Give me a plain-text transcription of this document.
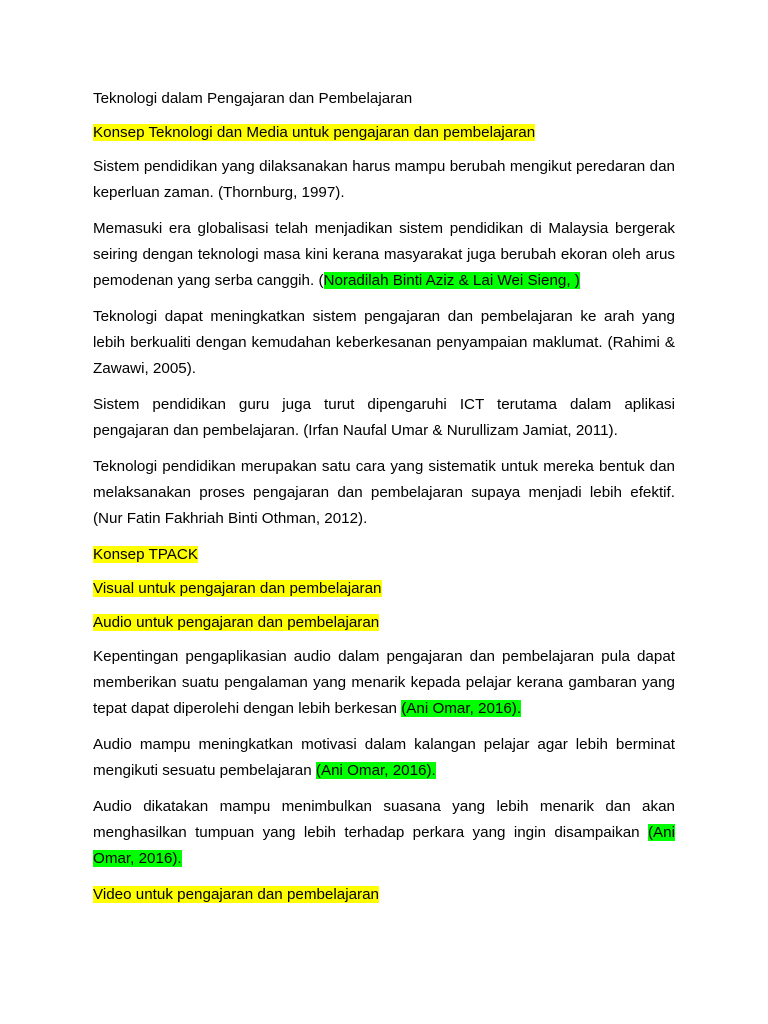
Teknologi dalam Pengajaran dan Pembelajaran

Konsep Teknologi dan Media untuk pengajaran dan pembelajaran

Sistem pendidikan yang dilaksanakan harus mampu berubah mengikut peredaran dan keperluan zaman. (Thornburg, 1997).

Memasuki era globalisasi telah menjadikan sistem pendidikan di Malaysia bergerak seiring dengan teknologi masa kini kerana masyarakat juga berubah ekoran oleh arus pemodenan yang serba canggih. (Noradilah Binti Aziz & Lai Wei Sieng, )

Teknologi dapat meningkatkan sistem pengajaran dan pembelajaran ke arah yang lebih berkualiti dengan kemudahan keberkesanan penyampaian maklumat. (Rahimi & Zawawi, 2005).

Sistem pendidikan guru juga turut dipengaruhi ICT terutama dalam aplikasi pengajaran dan pembelajaran. (Irfan Naufal Umar & Nurullizam Jamiat, 2011).

Teknologi pendidikan merupakan satu cara yang sistematik untuk mereka bentuk dan melaksanakan proses pengajaran dan pembelajaran supaya menjadi lebih efektif. (Nur Fatin Fakhriah Binti Othman, 2012).

Konsep TPACK

Visual untuk pengajaran dan pembelajaran

Audio untuk pengajaran dan pembelajaran

Kepentingan pengaplikasian audio dalam pengajaran dan pembelajaran pula dapat memberikan suatu pengalaman yang menarik kepada pelajar kerana gambaran yang tepat dapat diperolehi dengan lebih berkesan (Ani Omar, 2016).

Audio mampu meningkatkan motivasi dalam kalangan pelajar agar lebih berminat mengikuti sesuatu pembelajaran (Ani Omar, 2016).

Audio dikatakan mampu menimbulkan suasana yang lebih menarik dan akan menghasilkan tumpuan yang lebih terhadap perkara yang ingin disampaikan (Ani Omar, 2016).

Video untuk pengajaran dan pembelajaran
